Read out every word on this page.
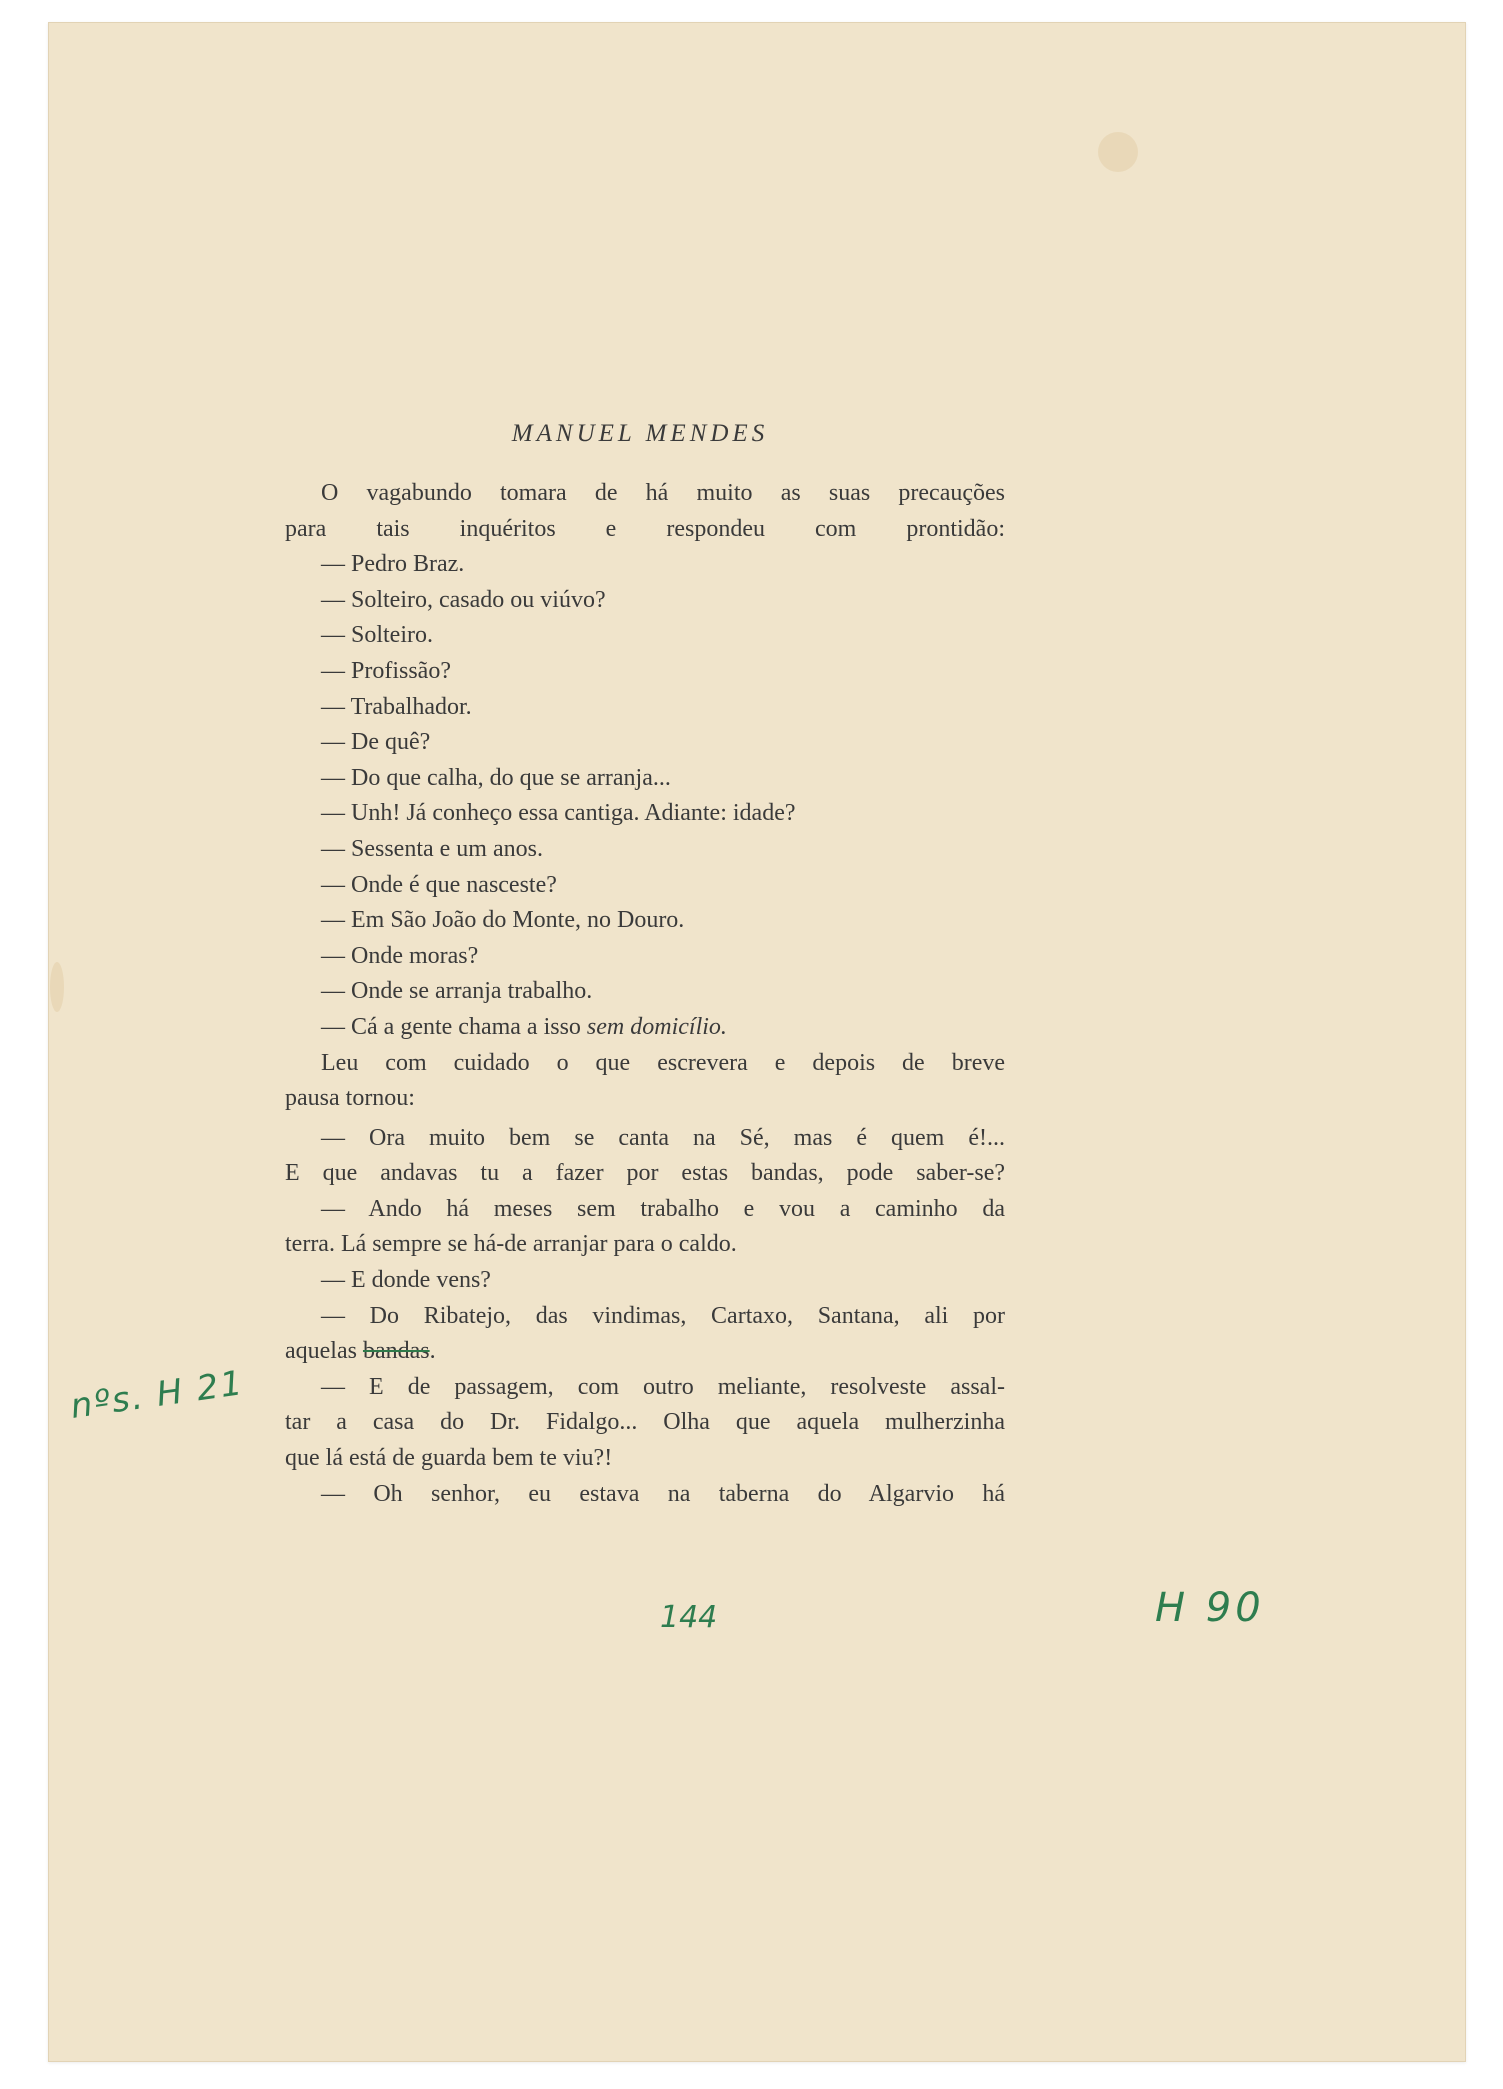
MANUEL MENDES
O vagabundo tomara de há muito as suas precauções
para tais inquéritos e respondeu com prontidão:
— Pedro Braz.
— Solteiro, casado ou viúvo?
— Solteiro.
— Profissão?
— Trabalhador.
— De quê?
— Do que calha, do que se arranja...
— Unh! Já conheço essa cantiga. Adiante: idade?
— Sessenta e um anos.
— Onde é que nasceste?
— Em São João do Monte, no Douro.
— Onde moras?
— Onde se arranja trabalho.
— Cá a gente chama a isso sem domicílio.
Leu com cuidado o que escrevera e depois de breve
pausa tornou:
— Ora muito bem se canta na Sé, mas é quem é!...
E que andavas tu a fazer por estas bandas, pode saber-se?
— Ando há meses sem trabalho e vou a caminho da
terra. Lá sempre se há-de arranjar para o caldo.
— E donde vens?
— Do Ribatejo, das vindimas, Cartaxo, Santana, ali por
aquelas bandas.
— E de passagem, com outro meliante, resolveste assal-
tar a casa do Dr. Fidalgo... Olha que aquela mulherzinha
que lá está de guarda bem te viu?!
— Oh senhor, eu estava na taberna do Algarvio há
nºs. H 21
144	H 90
